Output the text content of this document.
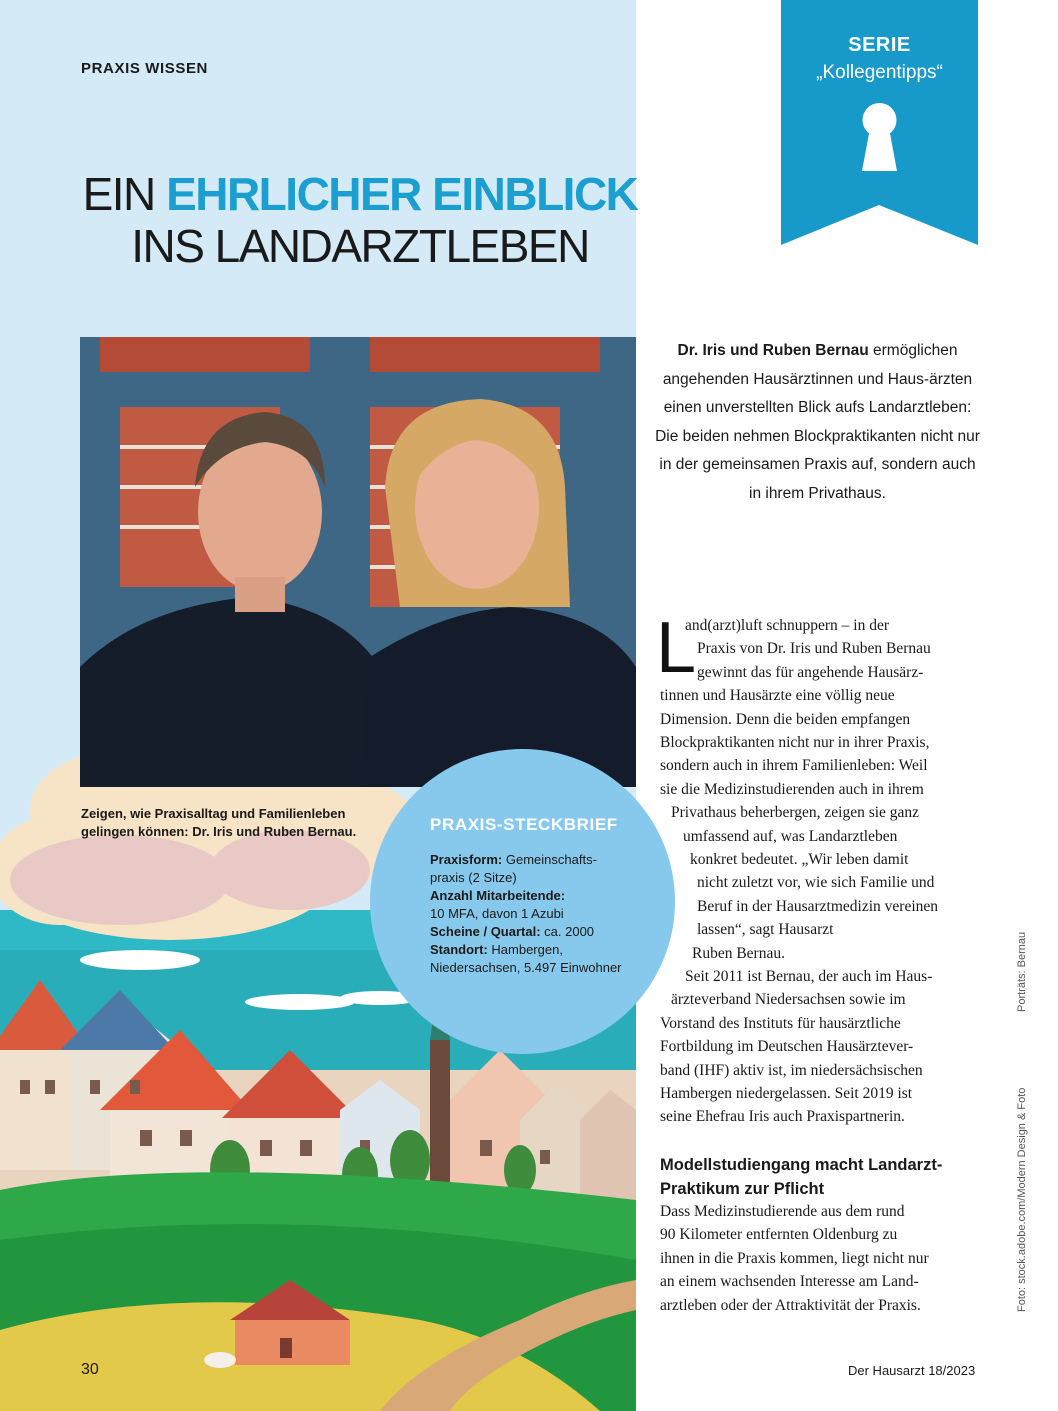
PRAXIS WISSEN
EIN EHRLICHER EINBLICK
INS LANDARZTLEBEN
SERIE
„Kollegentipps“
Zeigen, wie Praxisalltag und Familienleben gelingen können: Dr. Iris und Ruben Bernau.	PRAXIS-STECKBRIEF
Praxisform: Gemeinschafts-praxis (2 Sitze)
Anzahl Mitarbeitende:
10 MFA, davon 1 Azubi
Scheine / Quartal: ca. 2000
Standort: Hambergen, Niedersachsen, 5.497 Einwohner
Dr. Iris und Ruben Bernau ermöglichen angehenden Hausärztinnen und Haus-ärzten einen unverstellten Blick aufs Landarztleben: Die beiden nehmen Blockpraktikanten nicht nur in der gemeinsamen Praxis auf, sondern auch in ihrem Privathaus.
L
and(arzt)luft schnuppern – in der
Praxis von Dr. Iris und Ruben Bernau
gewinnt das für angehende Hausärz-
tinnen und Hausärzte eine völlig neue
Dimension. Denn die beiden empfangen
Blockpraktikanten nicht nur in ihrer Praxis,
sondern auch in ihrem Familienleben: Weil
sie die Medizinstudierenden auch in ihrem
Privathaus beherbergen, zeigen sie ganz
umfassend auf, was Landarztleben
konkret bedeutet. „Wir leben damit
nicht zuletzt vor, wie sich Familie und
Beruf in der Hausarztmedizin vereinen
lassen“, sagt Hausarzt
Ruben Bernau.
Seit 2011 ist Bernau, der auch im Haus-
ärzteverband Niedersachsen sowie im
Vorstand des Instituts für hausärztliche
Fortbildung im Deutschen Hausärztever-
band (IHF) aktiv ist, im niedersächsischen
Hambergen niedergelassen. Seit 2019 ist
seine Ehefrau Iris auch Praxispartnerin.
Modellstudiengang macht Landarzt-Praktikum zur Pflicht
Dass Medizinstudierende aus dem rund
90 Kilometer entfernten Oldenburg zu
ihnen in die Praxis kommen, liegt nicht nur
an einem wachsenden Interesse am Land-
arztleben oder der Attraktivität der Praxis.
Porträts: Bernau
Foto: stock.adobe.com/Modern Design & Foto
30	Der Hausarzt 18/2023
